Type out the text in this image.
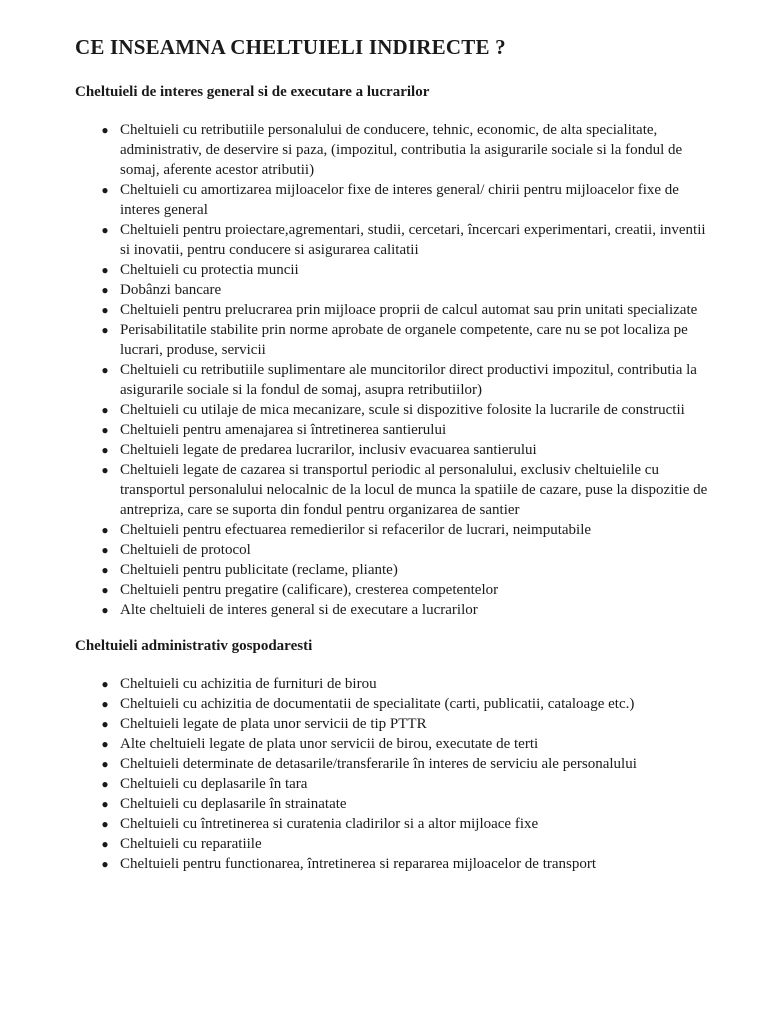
CE INSEAMNA CHELTUIELI INDIRECTE ?
Cheltuieli de interes general si de executare a lucrarilor
● Cheltuieli cu retributiile personalului de conducere, tehnic, economic, de alta specialitate, administrativ, de deservire si paza, (impozitul, contributia la asigurarile sociale si la fondul de somaj, aferente acestor atributii)
● Cheltuieli cu amortizarea mijloacelor fixe de interes general/ chirii pentru mijloacelor fixe de interes general
● Cheltuieli pentru proiectare,agrementari, studii, cercetari, încercari experimentari, creatii, inventii si inovatii, pentru conducere si asigurarea calitatii
● Cheltuieli cu protectia muncii
● Dobânzi bancare
● Cheltuieli pentru prelucrarea prin mijloace proprii de calcul automat sau prin unitati specializate
● Perisabilitatile stabilite prin norme aprobate de organele competente, care nu se pot localiza pe lucrari, produse, servicii
● Cheltuieli cu retributiile suplimentare ale muncitorilor direct productivi impozitul, contributia la asigurarile sociale si la fondul de somaj, asupra retributiilor)
● Cheltuieli cu utilaje de mica mecanizare, scule si dispozitive folosite la lucrarile de constructii
● Cheltuieli pentru amenajarea si întretinerea santierului
● Cheltuieli legate de predarea lucrarilor, inclusiv evacuarea santierului
● Cheltuieli legate de cazarea si transportul periodic al personalului, exclusiv cheltuielile cu transportul personalului nelocalnic de la locul de munca la spatiile de cazare, puse la dispozitie de antrepriza, care se suporta din fondul pentru organizarea de santier
● Cheltuieli pentru efectuarea remedierilor si refacerilor de lucrari, neimputabile
● Cheltuieli de protocol
● Cheltuieli pentru publicitate (reclame, pliante)
● Cheltuieli pentru pregatire (calificare), cresterea competentelor
● Alte cheltuieli de interes general si de executare a lucrarilor
Cheltuieli administrativ gospodaresti
● Cheltuieli cu achizitia de furnituri de birou
● Cheltuieli cu achizitia de documentatii de specialitate (carti, publicatii, cataloage etc.)
● Cheltuieli legate de plata unor servicii de tip PTTR
● Alte cheltuieli legate de plata unor servicii de birou, executate de terti
● Cheltuieli determinate de detasarile/transferarile în interes de serviciu ale personalului
● Cheltuieli cu deplasarile în tara
● Cheltuieli cu deplasarile în strainatate
● Cheltuieli cu întretinerea si curatenia cladirilor si a altor mijloace fixe
● Cheltuieli cu reparatiile
● Cheltuieli pentru functionarea, întretinerea si repararea mijloacelor de transport
